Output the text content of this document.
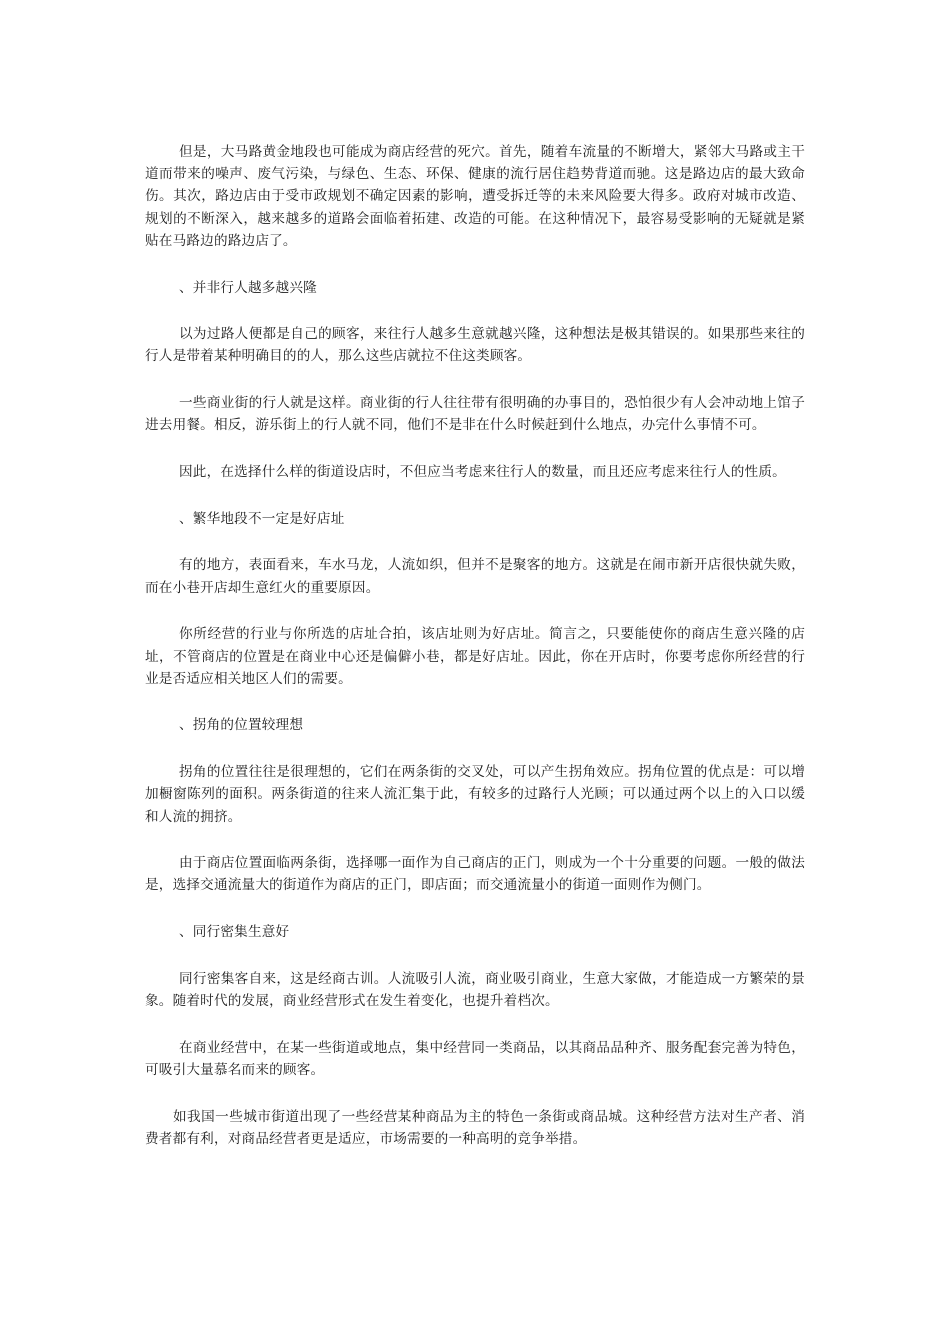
但是，大马路黄金地段也可能成为商店经营的死穴。首先，随着车流量的不断增大，紧邻大马路或主干道而带来的噪声、废气污染，与绿色、生态、环保、健康的流行居住趋势背道而驰。这是路边店的最大致命伤。其次，路边店由于受市政规划不确定因素的影响，遭受拆迁等的未来风险要大得多。政府对城市改造、规划的不断深入，越来越多的道路会面临着拓建、改造的可能。在这种情况下，最容易受影响的无疑就是紧贴在马路边的路边店了。

、并非行人越多越兴隆

以为过路人便都是自己的顾客，来往行人越多生意就越兴隆，这种想法是极其错误的。如果那些来往的行人是带着某种明确目的的人，那么这些店就拉不住这类顾客。

一些商业街的行人就是这样。商业街的行人往往带有很明确的办事目的，恐怕很少有人会冲动地上馆子进去用餐。相反，游乐街上的行人就不同，他们不是非在什么时候赶到什么地点，办完什么事情不可。

因此，在选择什么样的街道设店时，不但应当考虑来往行人的数量，而且还应考虑来往行人的性质。

、繁华地段不一定是好店址

有的地方，表面看来，车水马龙，人流如织，但并不是聚客的地方。这就是在闹市新开店很快就失败，而在小巷开店却生意红火的重要原因。

你所经营的行业与你所选的店址合拍，该店址则为好店址。简言之，只要能使你的商店生意兴隆的店址，不管商店的位置是在商业中心还是偏僻小巷，都是好店址。因此，你在开店时，你要考虑你所经营的行业是否适应相关地区人们的需要。

、拐角的位置较理想

拐角的位置往往是很理想的，它们在两条街的交叉处，可以产生拐角效应。拐角位置的优点是：可以增加橱窗陈列的面积。两条街道的往来人流汇集于此，有较多的过路行人光顾；可以通过两个以上的入口以缓和人流的拥挤。

由于商店位置面临两条街，选择哪一面作为自己商店的正门，则成为一个十分重要的问题。一般的做法是，选择交通流量大的街道作为商店的正门，即店面；而交通流量小的街道一面则作为侧门。

、同行密集生意好

同行密集客自来，这是经商古训。人流吸引人流，商业吸引商业，生意大家做，才能造成一方繁荣的景象。随着时代的发展，商业经营形式在发生着变化，也提升着档次。

在商业经营中，在某一些街道或地点，集中经营同一类商品，以其商品品种齐、服务配套完善为特色，可吸引大量慕名而来的顾客。

如我国一些城市街道出现了一些经营某种商品为主的特色一条街或商品城。这种经营方法对生产者、消费者都有利，对商品经营者更是适应，市场需要的一种高明的竞争举措。
